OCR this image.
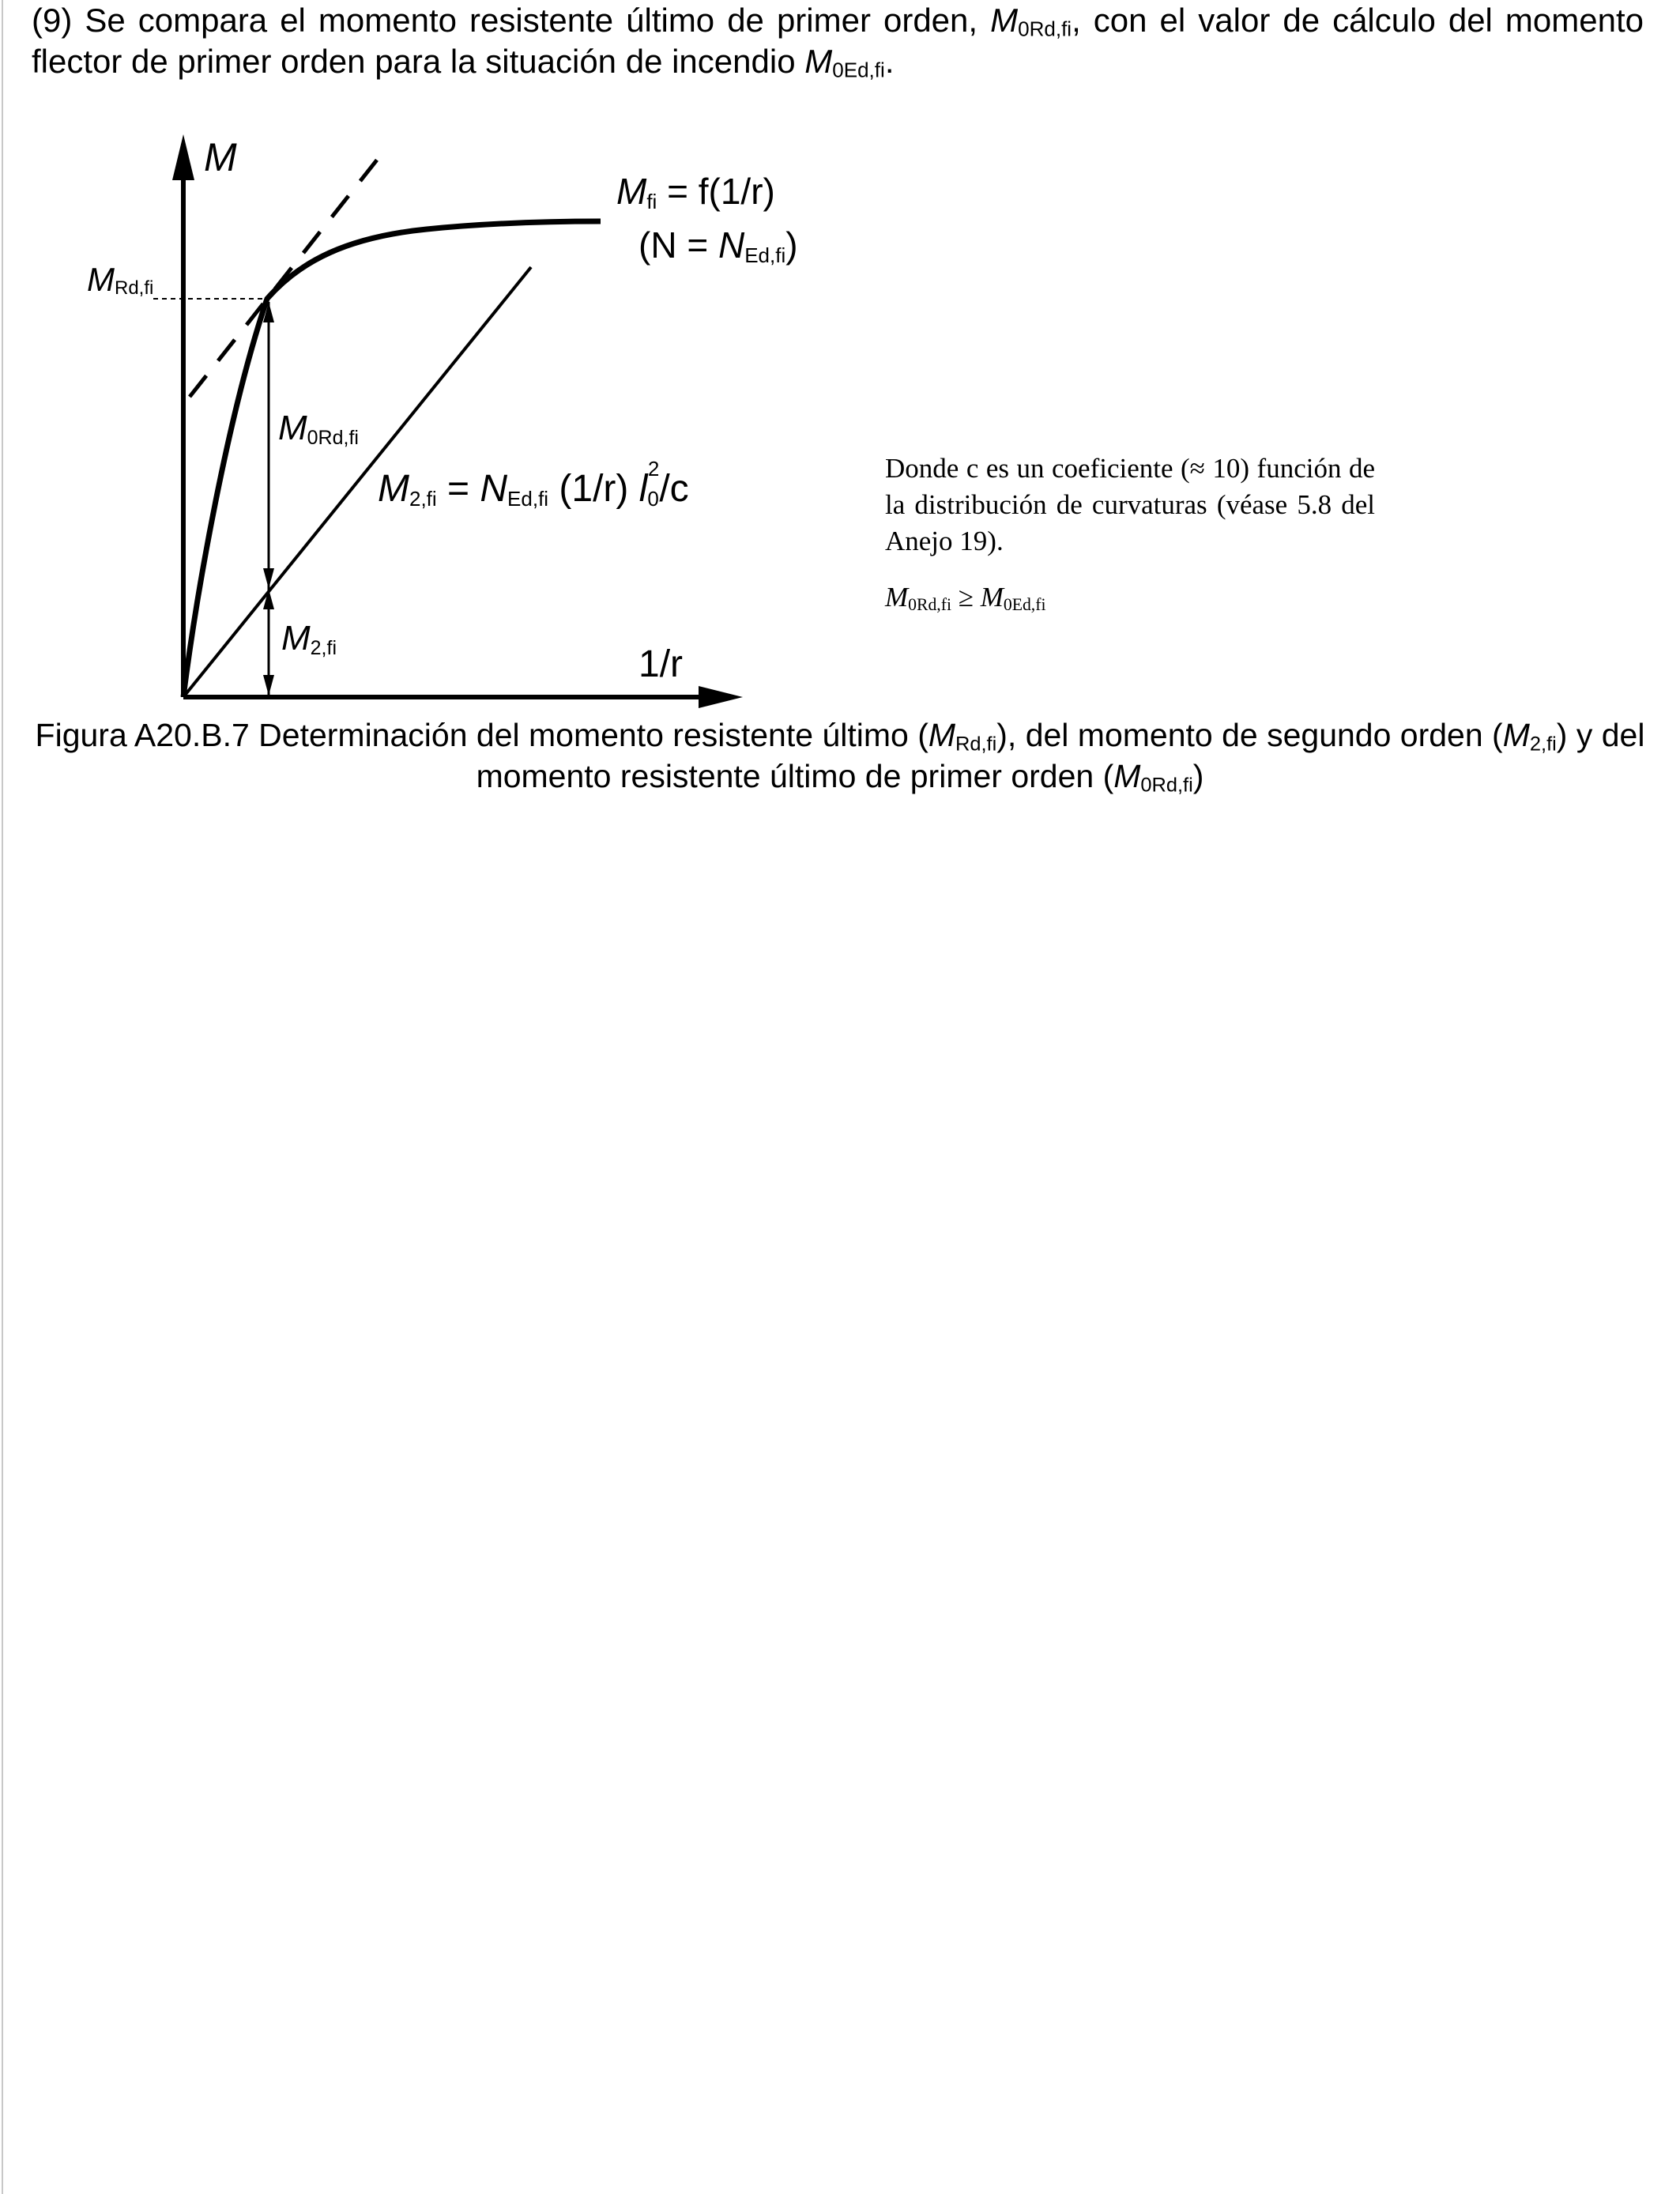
(9) Se compara el momento resistente último de primer orden, $M_{0Rd,fi}$, con el valor de cálculo del momento flector de primer orden para la situación de incendio $M_{0Ed,fi}$.
M
1/r
MRd,fi
Mfi = f(1/r)
(N = NEd,fi)
M0Rd,fi
M2,fi
M2,fi = NEd,fi (1/r) l02/c	Donde c es un coeficiente (≈ 10) función de la distribución de curvaturas (véase 5.8 del Anejo 19).
$M_{0Rd,fi} \ge M_{0Ed,fi}$
Figura A20.B.7 Determinación del momento resistente último $(M_{Rd,fi})$, del momento de segundo orden $(M_{2,fi})$ y del momento resistente último de primer orden $(M_{0Rd,fi})$
